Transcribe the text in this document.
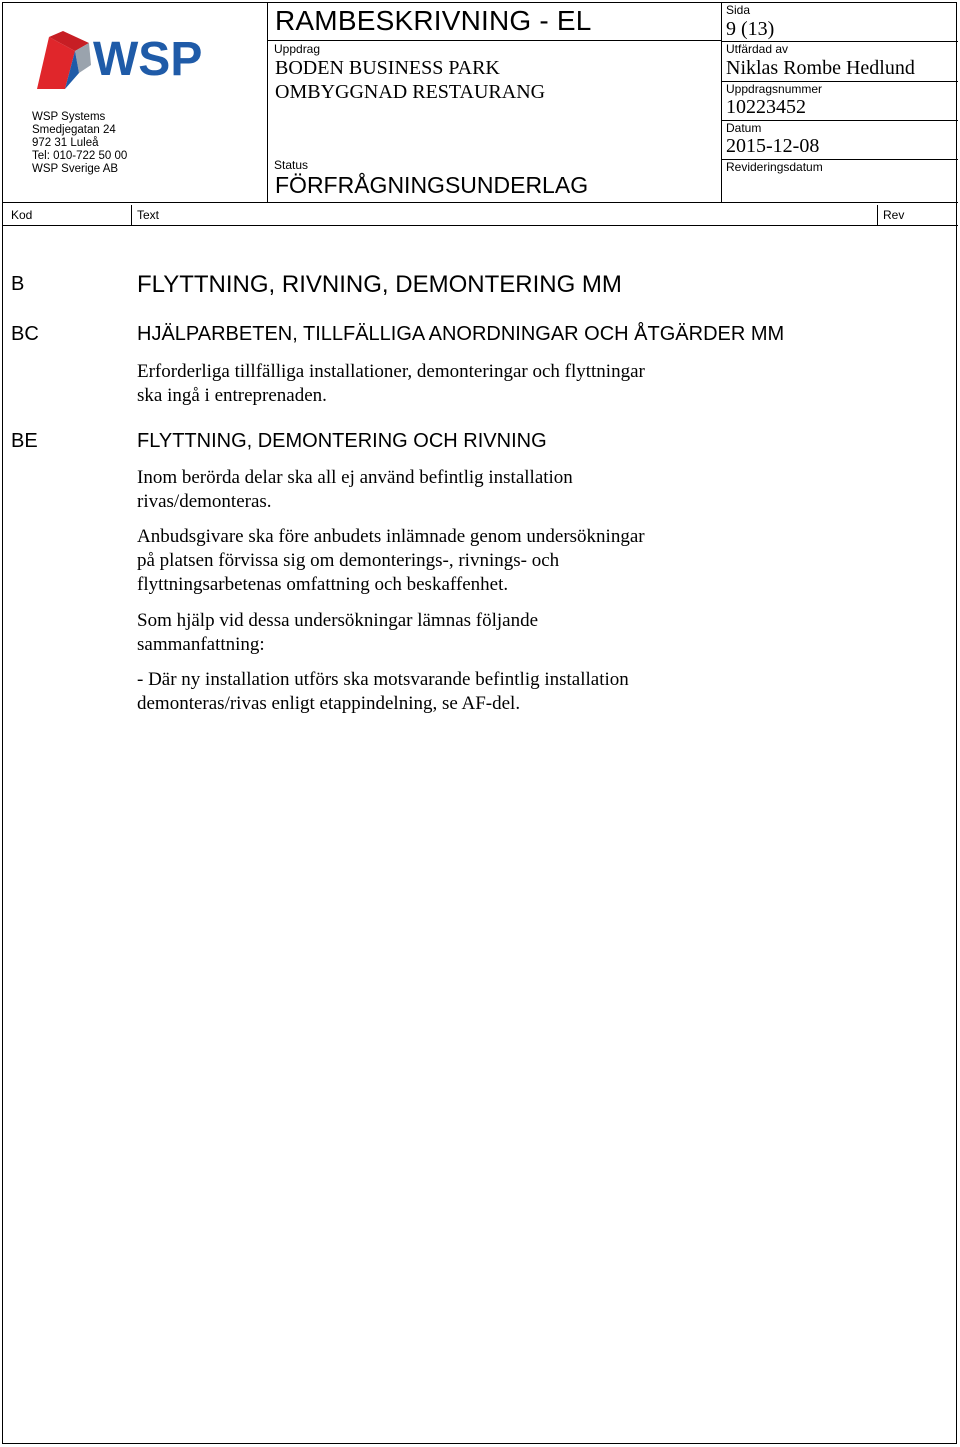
WSP
WSP Systems
Smedjegatan 24
972 31 Luleå
Tel: 010-722 50 00
WSP Sverige AB
RAMBESKRIVNING - EL
Uppdrag
BODEN BUSINESS PARK
OMBYGGNAD RESTAURANG
Status
FÖRFRÅGNINGSUNDERLAG
Sida
9 (13)
Utfärdad av
Niklas Rombe Hedlund
Uppdragsnummer
10223452
Datum
2015-12-08
Revideringsdatum
Kod	Text	Rev
B	FLYTTNING, RIVNING, DEMONTERING MM
BC	HJÄLPARBETEN, TILLFÄLLIGA ANORDNINGAR OCH ÅTGÄRDER MM
Erforderliga tillfälliga installationer, demonteringar och flyttningar
ska ingå i entreprenaden.
BE	FLYTTNING, DEMONTERING OCH RIVNING
Inom berörda delar ska all ej använd befintlig installation
rivas/demonteras.
Anbudsgivare ska före anbudets inlämnade genom undersökningar
på platsen förvissa sig om demonterings-, rivnings- och
flyttningsarbetenas omfattning och beskaffenhet.
Som hjälp vid dessa undersökningar lämnas följande
sammanfattning:
- Där ny installation utförs ska motsvarande befintlig installation
demonteras/rivas enligt etappindelning, se AF-del.
